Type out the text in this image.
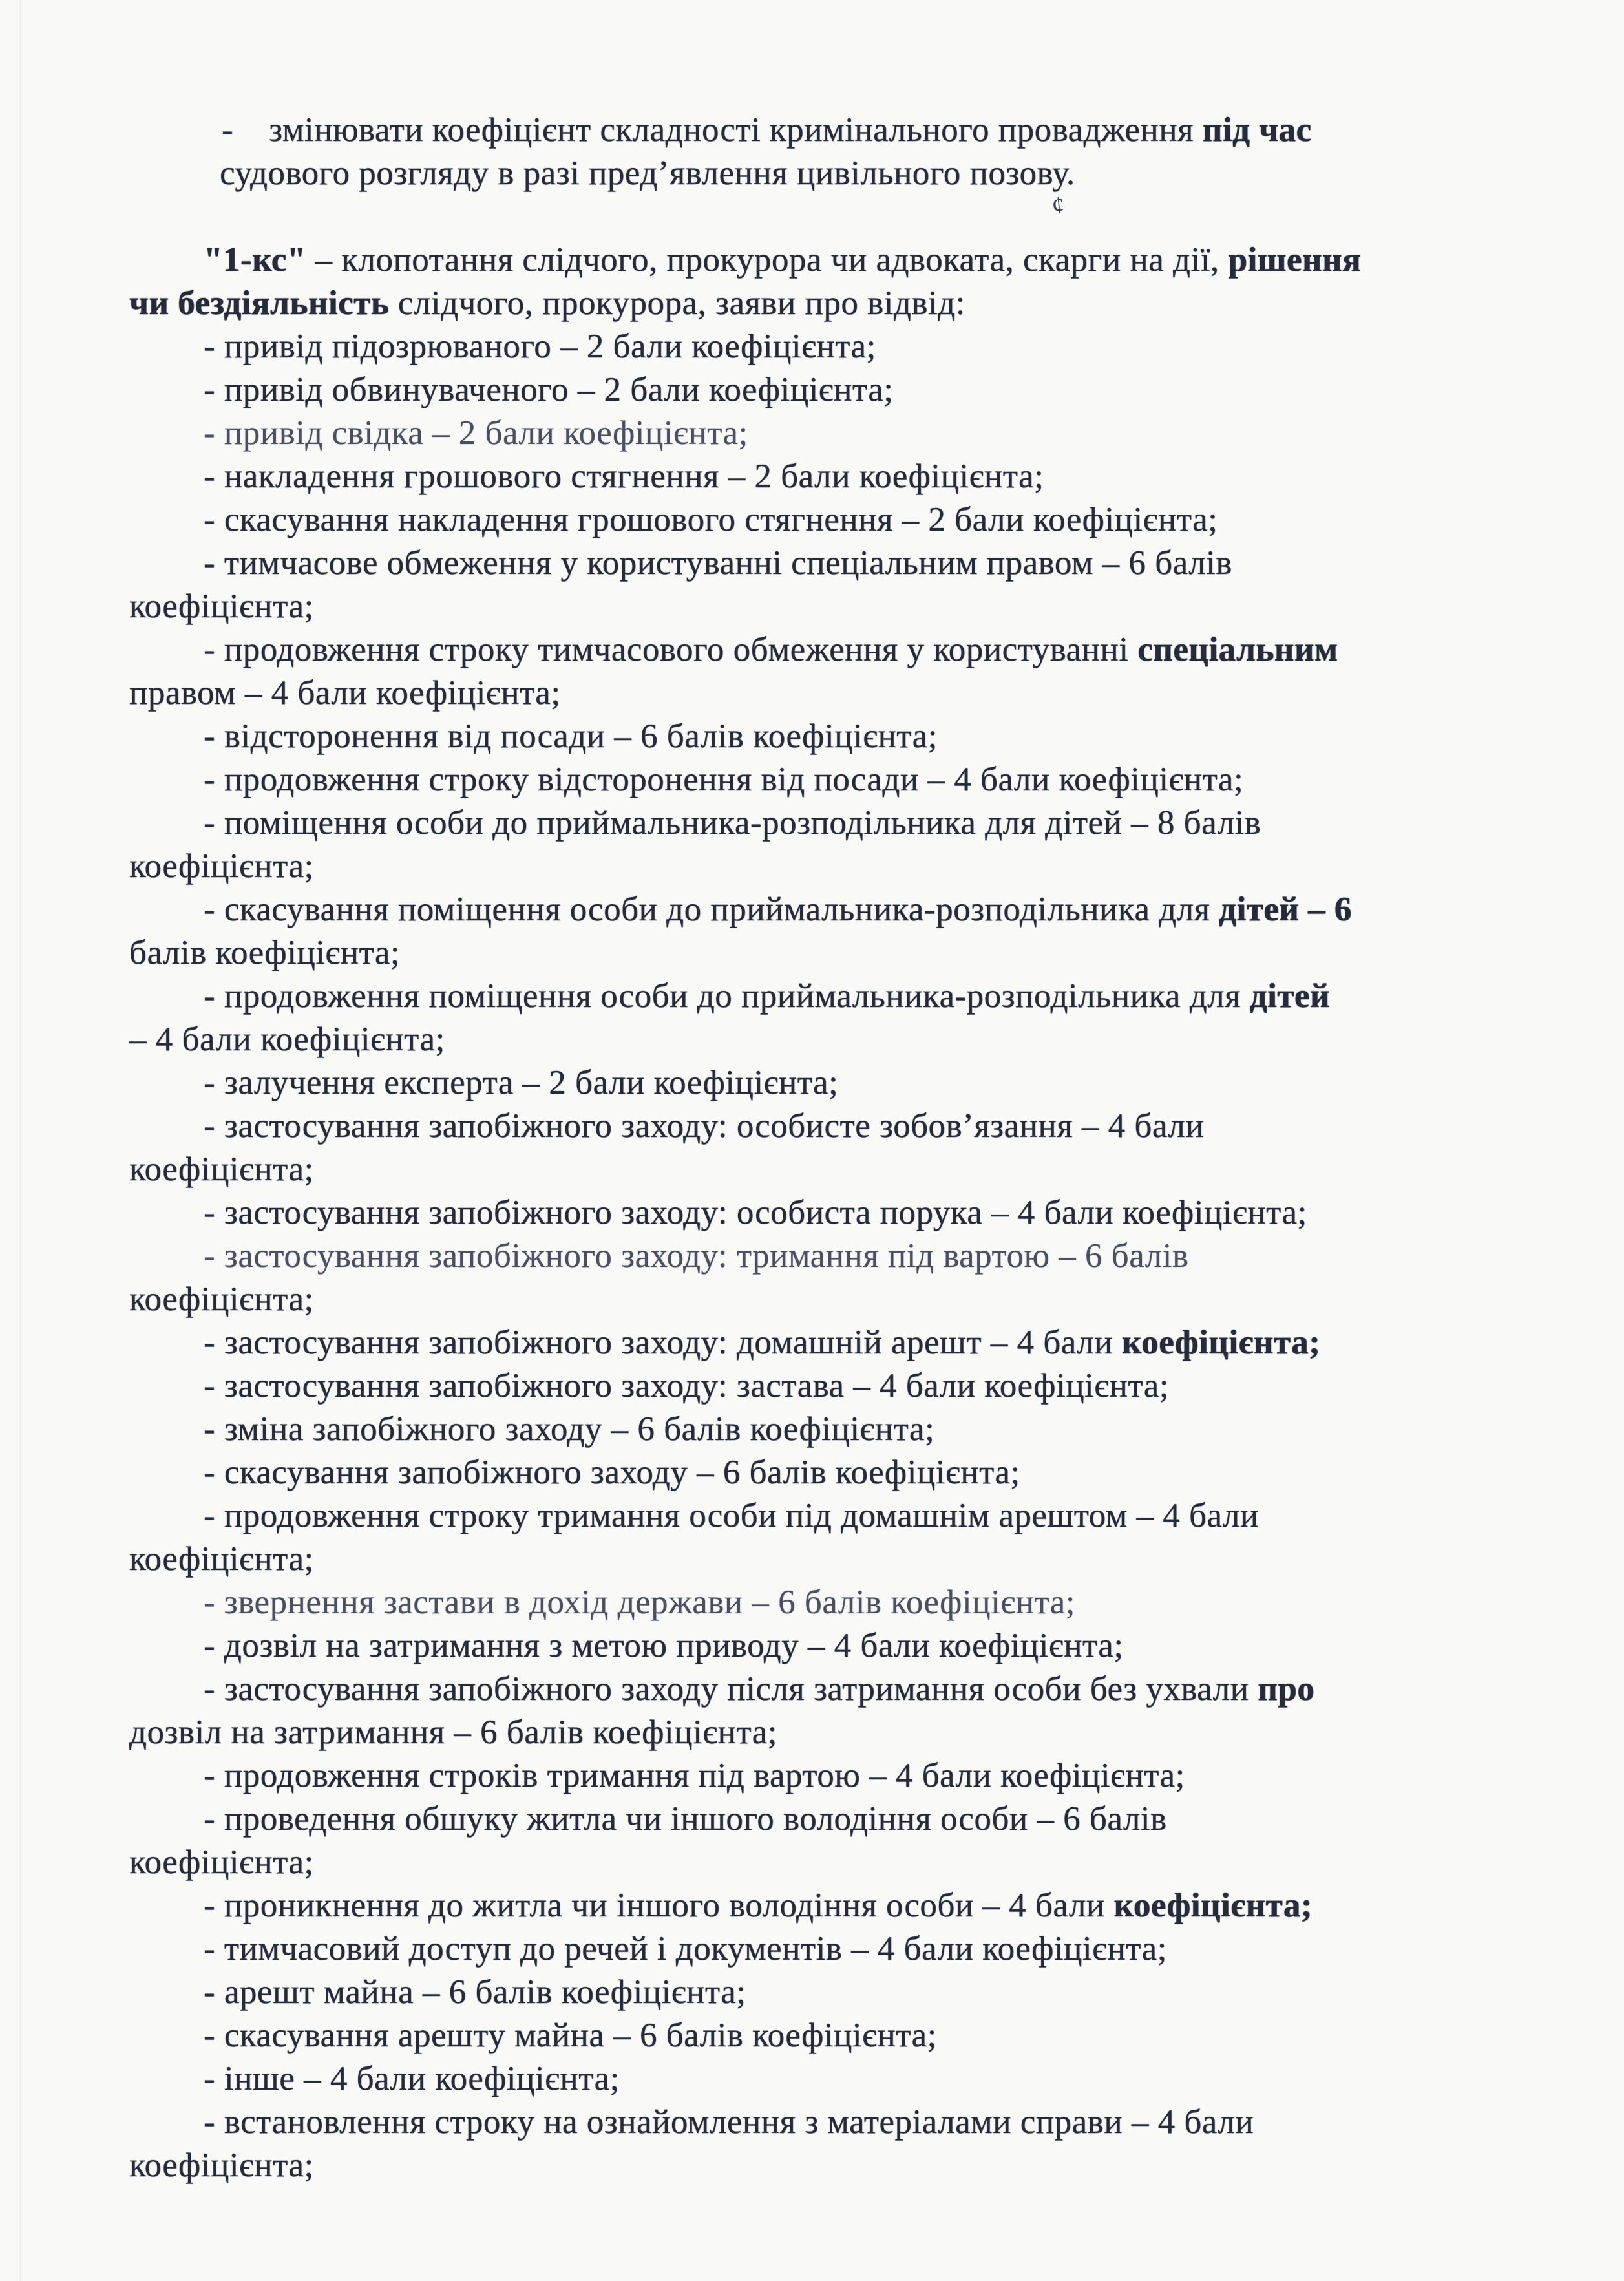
¢
-    змінювати коефіцієнт складності кримінального провадження під час
судового розгляду в разі пред’явлення цивільного позову.
"1-кс" – клопотання слідчого, прокурора чи адвоката, скарги на дії, рішення
чи бездіяльність слідчого, прокурора, заяви про відвід:
- привід підозрюваного – 2 бали коефіцієнта;
- привід обвинуваченого – 2 бали коефіцієнта;
- привід свідка – 2 бали коефіцієнта;
- накладення грошового стягнення – 2 бали коефіцієнта;
- скасування накладення грошового стягнення – 2 бали коефіцієнта;
- тимчасове обмеження у користуванні спеціальним правом – 6 балів
коефіцієнта;
- продовження строку тимчасового обмеження у користуванні спеціальним
правом – 4 бали коефіцієнта;
- відсторонення від посади – 6 балів коефіцієнта;
- продовження строку відсторонення від посади – 4 бали коефіцієнта;
- поміщення особи до приймальника-розподільника для дітей – 8 балів
коефіцієнта;
- скасування поміщення особи до приймальника-розподільника для дітей – 6
балів коефіцієнта;
- продовження поміщення особи до приймальника-розподільника для дітей
– 4 бали коефіцієнта;
- залучення експерта – 2 бали коефіцієнта;
- застосування запобіжного заходу: особисте зобов’язання – 4 бали
коефіцієнта;
- застосування запобіжного заходу: особиста порука – 4 бали коефіцієнта;
- застосування запобіжного заходу: тримання під вартою – 6 балів
коефіцієнта;
- застосування запобіжного заходу: домашній арешт – 4 бали коефіцієнта;
- застосування запобіжного заходу: застава – 4 бали коефіцієнта;
- зміна запобіжного заходу – 6 балів коефіцієнта;
- скасування запобіжного заходу – 6 балів коефіцієнта;
- продовження строку тримання особи під домашнім арештом – 4 бали
коефіцієнта;
- звернення застави в дохід держави – 6 балів коефіцієнта;
- дозвіл на затримання з метою приводу – 4 бали коефіцієнта;
- застосування запобіжного заходу після затримання особи без ухвали про
дозвіл на затримання – 6 балів коефіцієнта;
- продовження строків тримання під вартою – 4 бали коефіцієнта;
- проведення обшуку житла чи іншого володіння особи – 6 балів
коефіцієнта;
- проникнення до житла чи іншого володіння особи – 4 бали коефіцієнта;
- тимчасовий доступ до речей і документів – 4 бали коефіцієнта;
- арешт майна – 6 балів коефіцієнта;
- скасування арешту майна – 6 балів коефіцієнта;
- інше – 4 бали коефіцієнта;
- встановлення строку на ознайомлення з матеріалами справи – 4 бали
коефіцієнта;
